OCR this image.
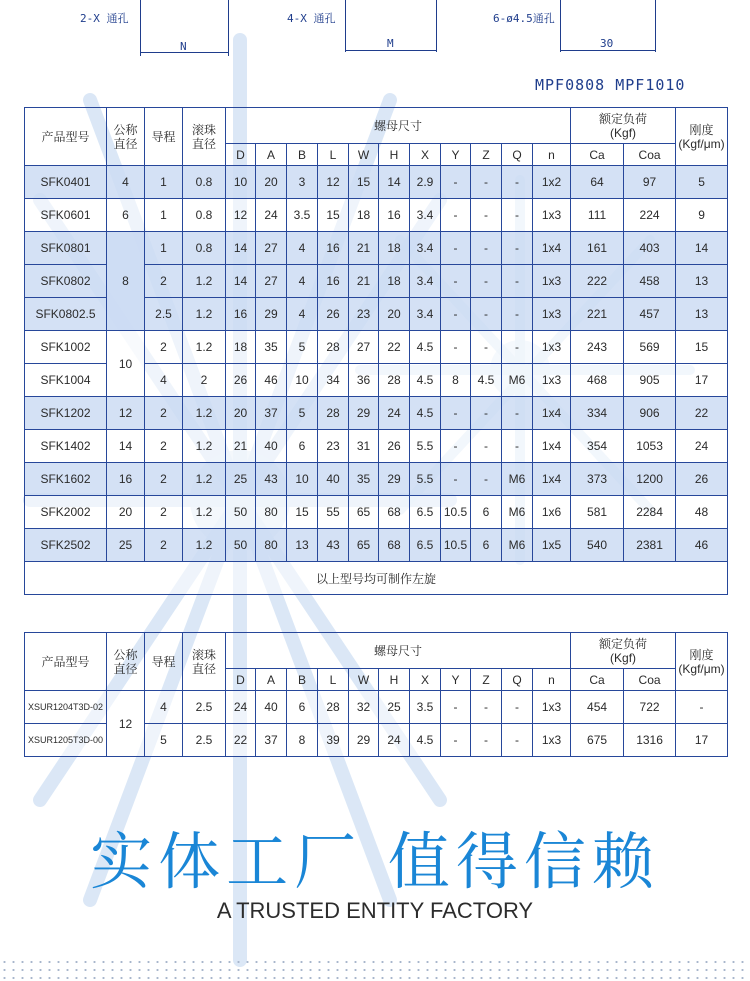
2-X 通孔
N
4-X 通孔
M
6-ø4.5通孔
30
MPF0808 MPF1010
产品型号	公称直径	导程	滚珠直径	螺母尺寸											额定负荷(Kgf)		刚度(Kgf/μm)
				D	A	B	L	W	H	X	Y	Z	Q	n	Ca	Coa	
SFK0401	4	1	0.8	10	20	3	12	15	14	2.9	-	-	-	1x2	64	97	5
SFK0601	6	1	0.8	12	24	3.5	15	18	16	3.4	-	-	-	1x3	111	224	9
SFK0801	8	1	0.8	14	27	4	16	21	18	3.4	-	-	-	1x4	161	403	14
SFK0802		2	1.2	14	27	4	16	21	18	3.4	-	-	-	1x3	222	458	13
SFK0802.5		2.5	1.2	16	29	4	26	23	20	3.4	-	-	-	1x3	221	457	13
SFK1002	10	2	1.2	18	35	5	28	27	22	4.5	-	-	-	1x3	243	569	15
SFK1004		4	2	26	46	10	34	36	28	4.5	8	4.5	M6	1x3	468	905	17
SFK1202	12	2	1.2	20	37	5	28	29	24	4.5	-	-	-	1x4	334	906	22
SFK1402	14	2	1.2	21	40	6	23	31	26	5.5	-	-	-	1x4	354	1053	24
SFK1602	16	2	1.2	25	43	10	40	35	29	5.5	-	-	M6	1x4	373	1200	26
SFK2002	20	2	1.2	50	80	15	55	65	68	6.5	10.5	6	M6	1x6	581	2284	48
SFK2502	25	2	1.2	50	80	13	43	65	68	6.5	10.5	6	M6	1x5	540	2381	46
以上型号均可制作左旋																	
产品型号	公称直径	导程	滚珠直径	螺母尺寸											额定负荷(Kgf)		刚度(Kgf/μm)
				D	A	B	L	W	H	X	Y	Z	Q	n	Ca	Coa	
XSUR1204T3D-02	12	4	2.5	24	40	6	28	32	25	3.5	-	-	-	1x3	454	722	-
XSUR1205T3D-00		5	2.5	22	37	8	39	29	24	4.5	-	-	-	1x3	675	1316	17
实体工厂 值得信赖
A TRUSTED ENTITY FACTORY
